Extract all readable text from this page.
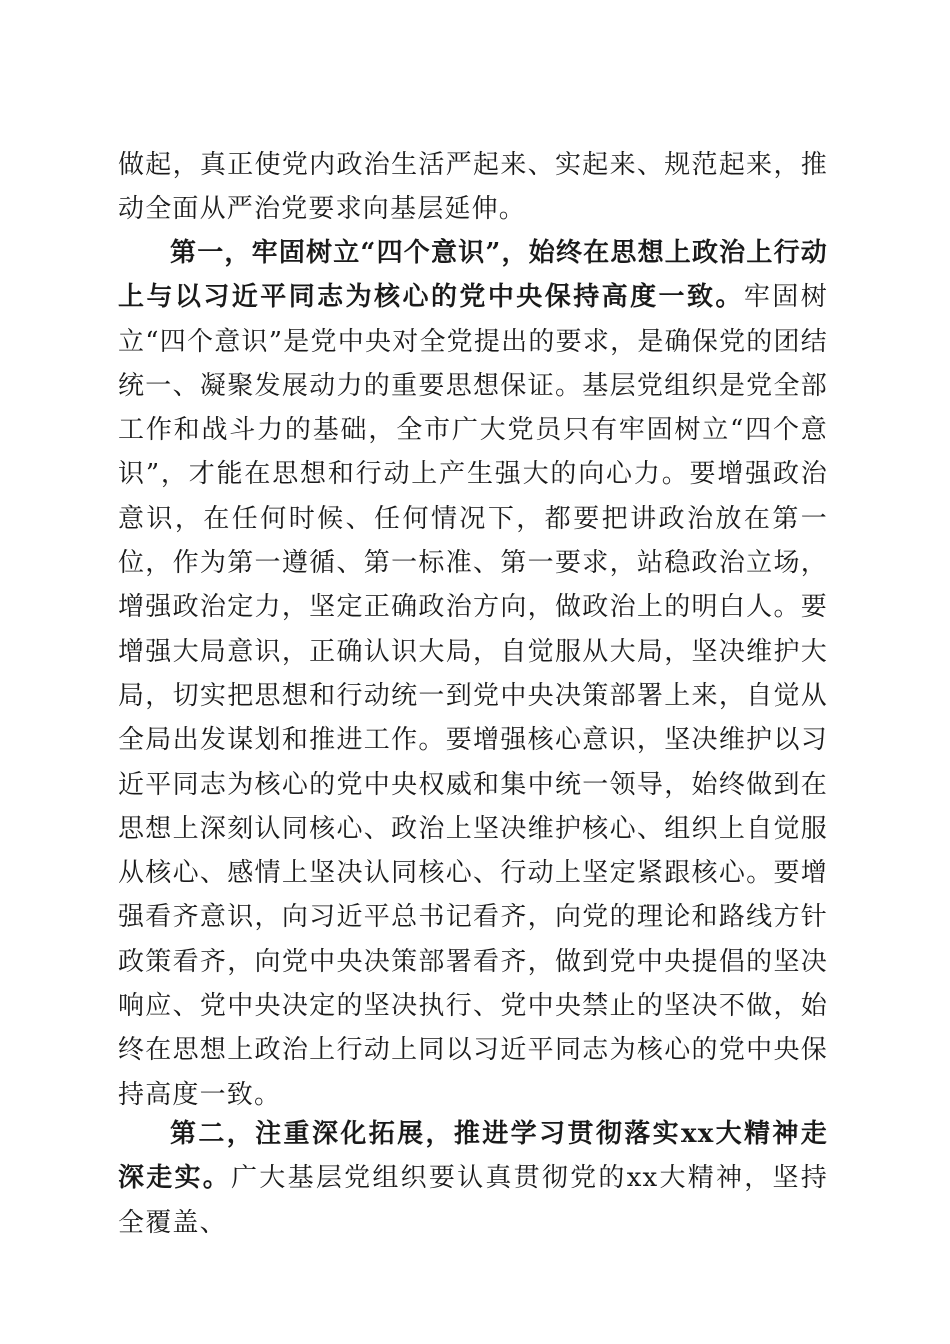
做起，真正使党内政治生活严起来、实起来、规范起来，推动全面从严治党要求向基层延伸。

第一，牢固树立“四个意识”，始终在思想上政治上行动上与以习近平同志为核心的党中央保持高度一致。牢固树立“四个意识”是党中央对全党提出的要求，是确保党的团结统一、凝聚发展动力的重要思想保证。基层党组织是党全部工作和战斗力的基础，全市广大党员只有牢固树立“四个意识”，才能在思想和行动上产生强大的向心力。要增强政治意识，在任何时候、任何情况下，都要把讲政治放在第一位，作为第一遵循、第一标准、第一要求，站稳政治立场，增强政治定力，坚定正确政治方向，做政治上的明白人。要增强大局意识，正确认识大局，自觉服从大局，坚决维护大局，切实把思想和行动统一到党中央决策部署上来，自觉从全局出发谋划和推进工作。要增强核心意识，坚决维护以习近平同志为核心的党中央权威和集中统一领导，始终做到在思想上深刻认同核心、政治上坚决维护核心、组织上自觉服从核心、感情上坚决认同核心、行动上坚定紧跟核心。要增强看齐意识，向习近平总书记看齐，向党的理论和路线方针政策看齐，向党中央决策部署看齐，做到党中央提倡的坚决响应、党中央决定的坚决执行、党中央禁止的坚决不做，始终在思想上政治上行动上同以习近平同志为核心的党中央保持高度一致。

第二，注重深化拓展，推进学习贯彻落实xx大精神走深走实。广大基层党组织要认真贯彻党的xx大精神，坚持全覆盖、
